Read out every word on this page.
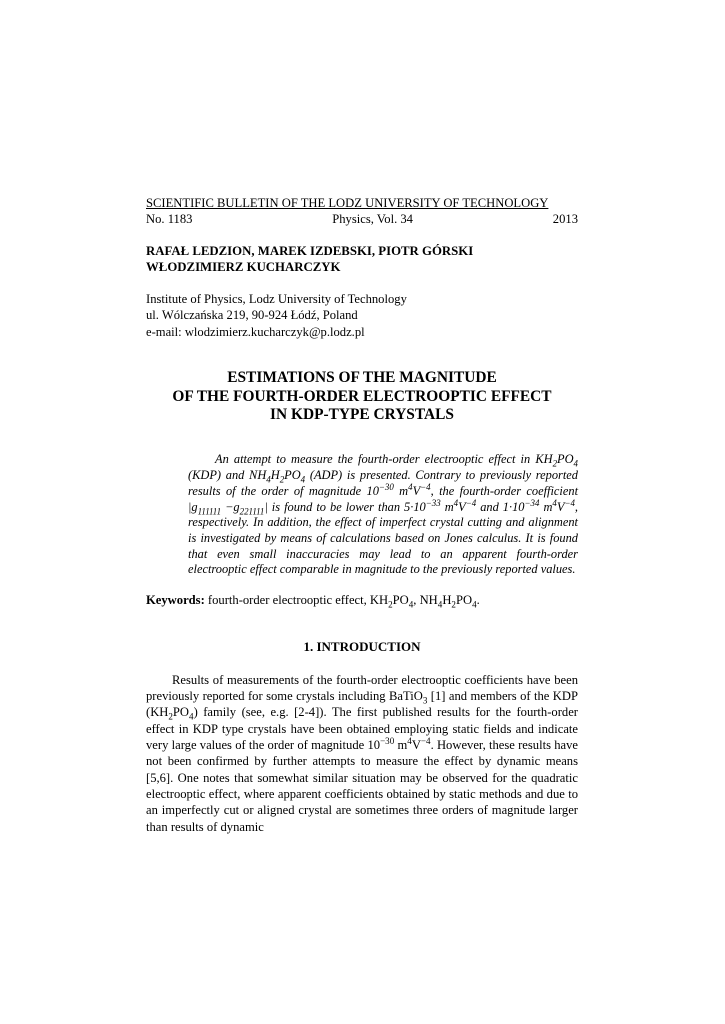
SCIENTIFIC BULLETIN OF THE LODZ UNIVERSITY OF TECHNOLOGY
No. 1183	Physics, Vol. 34	2013
RAFAŁ LEDZION, MAREK IZDEBSKI, PIOTR GÓRSKI
WŁODZIMIERZ KUCHARCZYK
Institute of Physics, Lodz University of Technology
ul. Wólczańska 219, 90-924 Łódź, Poland
e-mail: wlodzimierz.kucharczyk@p.lodz.pl
ESTIMATIONS OF THE MAGNITUDE
OF THE FOURTH-ORDER ELECTROOPTIC EFFECT
IN KDP-TYPE CRYSTALS
An attempt to measure the fourth-order electrooptic effect in $KH_2PO_4$ (KDP) and $NH_4H_2PO_4$ (ADP) is presented. Contrary to previously reported results of the order of magnitude $10^{-30}$ $m^4V^{-4}$, the fourth-order coefficient $|g_{111111} -g_{221111}|$ is found to be lower than $5\cdot 10^{-33}$ $m^4V^{-4}$ and $1\cdot 10^{-34}$ $m^4V^{-4}$, respectively. In addition, the effect of imperfect crystal cutting and alignment is investigated by means of calculations based on Jones calculus. It is found that even small inaccuracies may lead to an apparent fourth-order electrooptic effect comparable in magnitude to the previously reported values.
Keywords: fourth-order electrooptic effect, $KH_2PO_4$, $NH_4H_2PO_4$.
1. INTRODUCTION
Results of measurements of the fourth-order electrooptic coefficients have been previously reported for some crystals including BaTiO$_3$ [1] and members of the KDP $(KH_2PO_4)$ family (see, e.g. [2-4]). The first published results for the fourth-order effect in KDP type crystals have been obtained employing static fields and indicate very large values of the order of magnitude $10^{-30}$ $m^4V^{-4}$. However, these results have not been confirmed by further attempts to measure the effect by dynamic means [5,6]. One notes that somewhat similar situation may be observed for the quadratic electrooptic effect, where apparent coefficients obtained by static methods and due to an imperfectly cut or aligned crystal are sometimes three orders of magnitude larger than results of dynamic
